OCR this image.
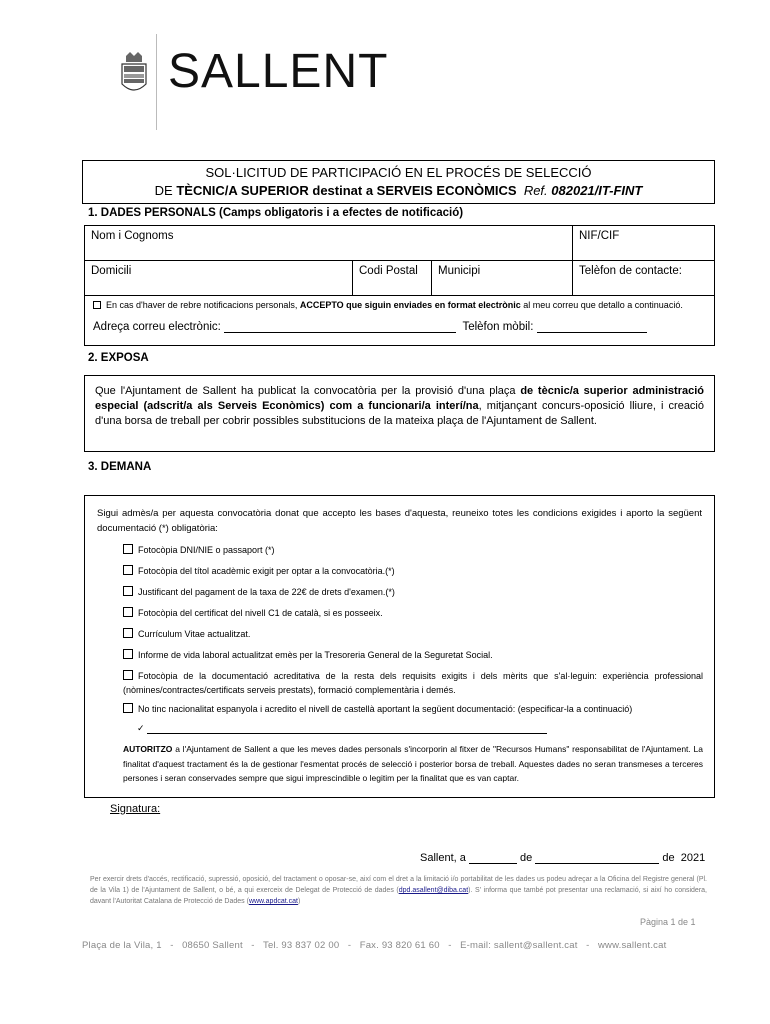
SALLENT
SOL·LICITUD DE PARTICIPACIÓ EN EL PROCÉS DE SELECCIÓ
DE TÈCNIC/A SUPERIOR destinat a SERVEIS ECONÒMICS Ref. 082021/IT-FINT
1. DADES PERSONALS (Camps obligatoris i a efectes de notificació)
Nom i Cognoms			NIF/CIF
Domicili	Codi Postal	Municipi	Telèfon de contacte:

En cas d'haver de rebre notificacions personals, ACCEPTO que siguin enviades en format electrònic al meu correu que detallo a continuació.
Adreça correu electrònic: Telèfon mòbil:			
2. EXPOSA
Que l'Ajuntament de Sallent ha publicat la convocatòria per la provisió d'una plaça de tècnic/a superior administració especial (adscrit/a als Serveis Econòmics) com a funcionari/a interí/na, mitjançant concurs-oposició lliure, i creació d'una borsa de treball per cobrir possibles substitucions de la mateixa plaça de l'Ajuntament de Sallent.
3. DEMANA
Sigui admès/a per aquesta convocatòria donat que accepto les bases d'aquesta, reuneixo totes les condicions exigides i aporto la següent documentació (*) obligatòria:
Fotocòpia DNI/NIE o passaport (*)
Fotocòpia del títol acadèmic exigit per optar a la convocatòria.(*)
Justificant del pagament de la taxa de 22€ de drets d'examen.(*)
Fotocòpia del certificat del nivell C1 de català, si es posseeix.
Currículum Vitae actualitzat.
Informe de vida laboral actualitzat emès per la Tresoreria General de la Seguretat Social.
Fotocòpia de la documentació acreditativa de la resta dels requisits exigits i dels mèrits que s'al·leguin: experiència professional (nòmines/contractes/certificats serveis prestats), formació complementària i demés.
No tinc nacionalitat espanyola i acredito el nivell de castellà aportant la següent documentació: (especificar-la a continuació)
✓
AUTORITZO a l'Ajuntament de Sallent a que les meves dades personals s'incorporin al fitxer de "Recursos Humans" responsabilitat de l'Ajuntament. La finalitat d'aquest tractament és la de gestionar l'esmentat procés de selecció i posterior borsa de treball. Aquestes dades no seran transmeses a terceres persones i seran conservades sempre que sigui imprescindible o legitim per la finalitat que es van captar.
Signatura:
Sallent, a	de	de 2021
Per exercir drets d'accés, rectificació, supressió, oposició, del tractament o oposar-se, així com el dret a la limitació i/o portabilitat de les dades us podeu adreçar a la Oficina del Registre general (Pl. de la Vila 1) de l'Ajuntament de Sallent, o bé, a qui exerceix de Delegat de Protecció de dades (dpd.asallent@diba.cat). S' informa que també pot presentar una reclamació, si així ho considera, davant l'Autoritat Catalana de Protecció de Dades (www.apdcat.cat)
Pàgina 1 de 1
Plaça de la Vila, 1   -   08650 Sallent   -   Tel. 93 837 02 00   -   Fax. 93 820 61 60   -   E-mail: sallent@sallent.cat   -   www.sallent.cat
